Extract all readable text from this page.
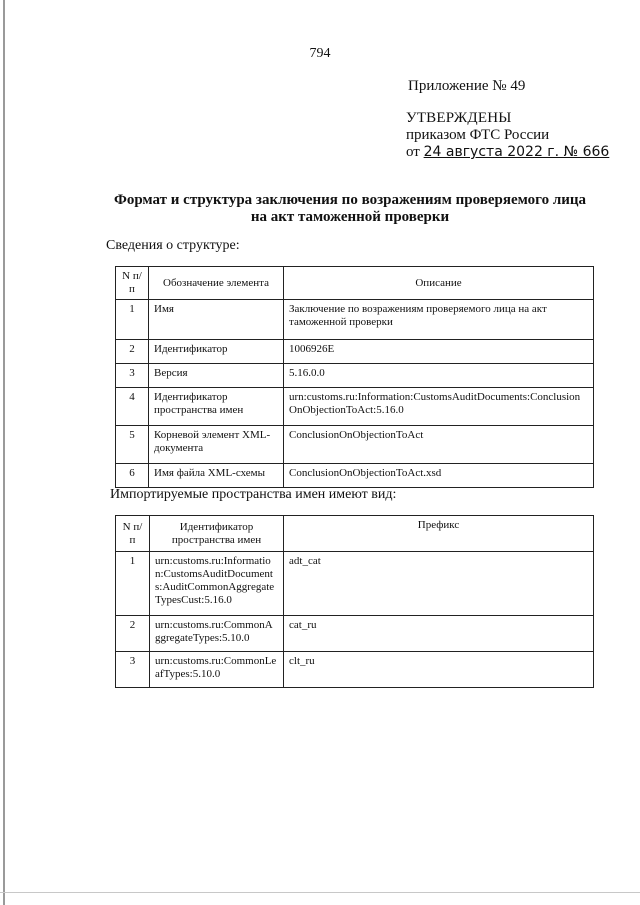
794
Приложение № 49
УТВЕРЖДЕНЫ
приказом ФТС России
от 24 августа 2022 г. № 666
Формат и структура заключения по возражениям проверяемого лица
на акт таможенной проверки
Сведения о структуре:
N п/п	Обозначение элемента	Описание
1	Имя	Заключение по возражениям проверяемого лица на акт таможенной проверки
2	Идентификатор	1006926E
3	Версия	5.16.0.0
4	Идентификатор пространства имен	urn:customs.ru:Information:CustomsAuditDocuments:ConclusionOnObjectionToAct:5.16.0
5	Корневой элемент XML-документа	ConclusionOnObjectionToAct
6	Имя файла XML-схемы	ConclusionOnObjectionToAct.xsd
Импортируемые пространства имен имеют вид:
N п/п	Идентификатор пространства имен	Префикс
1	urn:customs.ru:Information:CustomsAuditDocuments:AuditCommonAggregateTypesCust:5.16.0	adt_cat
2	urn:customs.ru:CommonAggregateTypes:5.10.0	cat_ru
3	urn:customs.ru:CommonLeafTypes:5.10.0	clt_ru
